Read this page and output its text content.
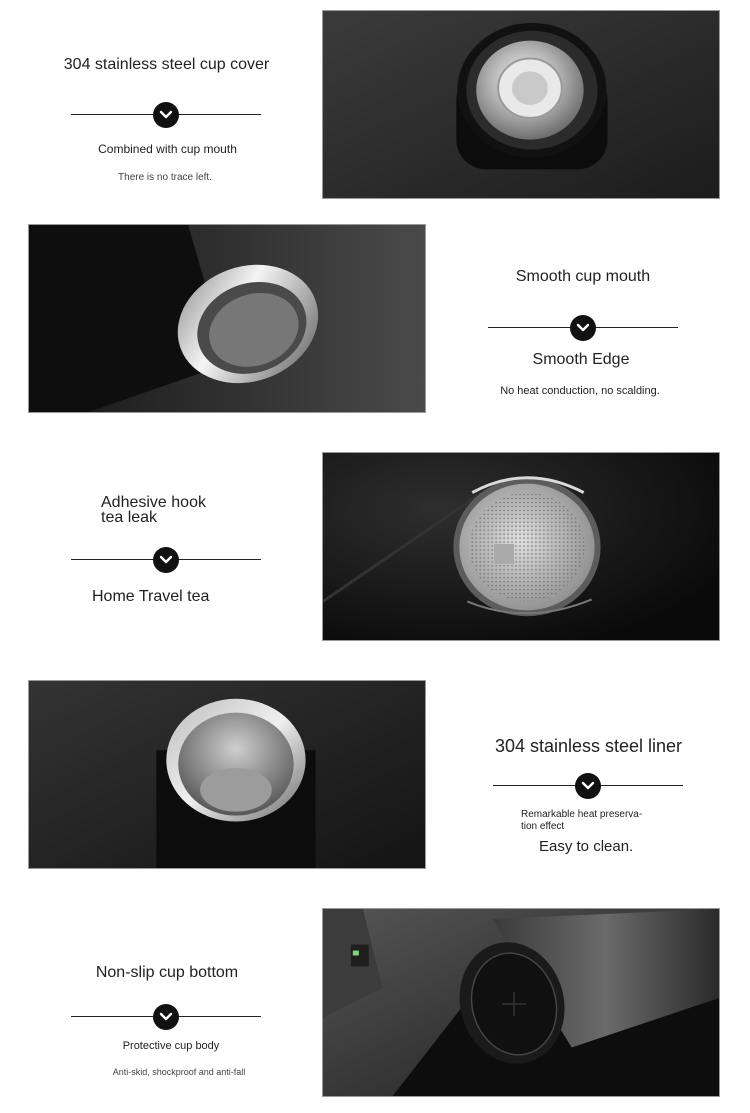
304 stainless steel cup cover
Combined with cup mouth
There is no trace left.
Smooth cup mouth
Smooth Edge
No heat conduction, no scalding.
Adhesive hook
tea leak
Home Travel tea
304 stainless steel liner
Remarkable heat preserva-
tion effect
Easy to clean.
Non-slip cup bottom
Protective cup body
Anti-skid, shockproof and anti-fall
